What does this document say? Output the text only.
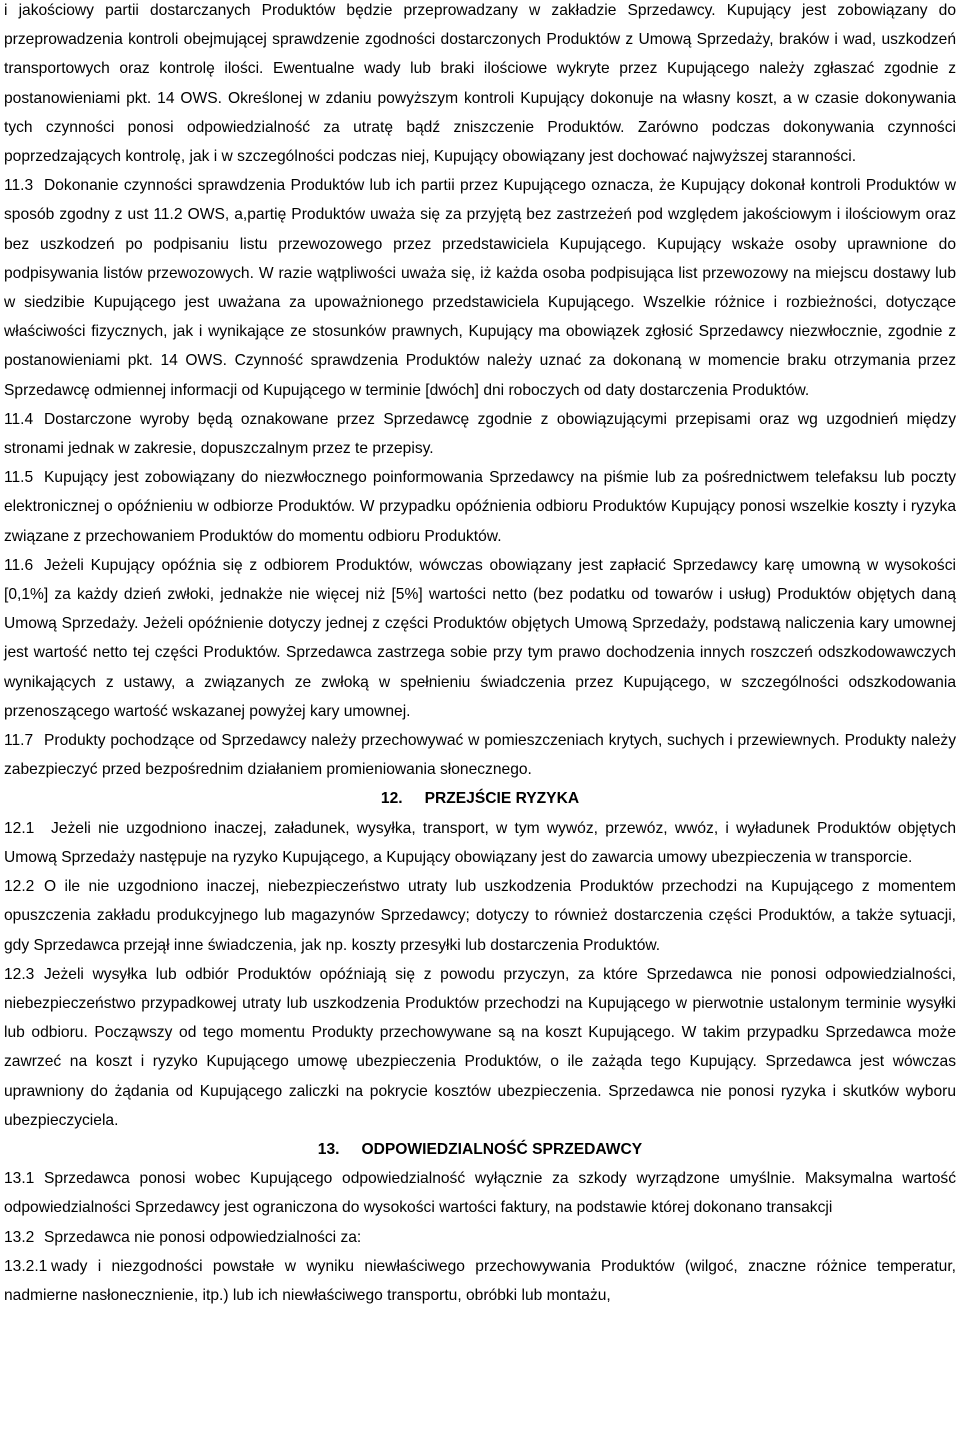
i jakościowy partii dostarczanych Produktów będzie przeprowadzany w zakładzie Sprzedawcy. Kupujący jest zobowiązany do przeprowadzenia kontroli obejmującej sprawdzenie zgodności dostarczonych Produktów z Umową Sprzedaży, braków i wad, uszkodzeń transportowych oraz kontrolę ilości. Ewentualne wady lub braki ilościowe wykryte przez Kupującego należy zgłaszać zgodnie z postanowieniami pkt. 14 OWS. Określonej w zdaniu powyższym kontroli Kupujący dokonuje na własny koszt, a w czasie dokonywania tych czynności ponosi odpowiedzialność za utratę bądź zniszczenie Produktów. Zarówno podczas dokonywania czynności poprzedzających kontrolę, jak i w szczególności podczas niej, Kupujący obowiązany jest dochować najwyższej staranności.

11.3 Dokonanie czynności sprawdzenia Produktów lub ich partii przez Kupującego oznacza, że Kupujący dokonał kontroli Produktów w sposób zgodny z ust 11.2 OWS, a,partię Produktów uważa się za przyjętą bez zastrzeżeń pod względem jakościowym i ilościowym oraz bez uszkodzeń po podpisaniu listu przewozowego przez przedstawiciela Kupującego. Kupujący wskaże osoby uprawnione do podpisywania listów przewozowych. W razie wątpliwości uważa się, iż każda osoba podpisująca list przewozowy na miejscu dostawy lub w siedzibie Kupującego jest uważana za upoważnionego przedstawiciela Kupującego. Wszelkie różnice i rozbieżności, dotyczące właściwości fizycznych, jak i wynikające ze stosunków prawnych, Kupujący ma obowiązek zgłosić Sprzedawcy niezwłocznie, zgodnie z postanowieniami pkt. 14 OWS. Czynność sprawdzenia Produktów należy uznać za dokonaną w momencie braku otrzymania przez Sprzedawcę odmiennej informacji od Kupującego w terminie [dwóch] dni roboczych od daty dostarczenia Produktów.

11.4 Dostarczone wyroby będą oznakowane przez Sprzedawcę zgodnie z obowiązującymi przepisami oraz wg uzgodnień między stronami jednak w zakresie, dopuszczalnym przez te przepisy.

11.5 Kupujący jest zobowiązany do niezwłocznego poinformowania Sprzedawcy na piśmie lub za pośrednictwem telefaksu lub poczty elektronicznej o opóźnieniu w odbiorze Produktów. W przypadku opóźnienia odbioru Produktów Kupujący ponosi wszelkie koszty i ryzyka związane z przechowaniem Produktów do momentu odbioru Produktów.

11.6 Jeżeli Kupujący opóźnia się z odbiorem Produktów, wówczas obowiązany jest zapłacić Sprzedawcy karę umowną w wysokości [0,1%] za każdy dzień zwłoki, jednakże nie więcej niż [5%] wartości netto (bez podatku od towarów i usług) Produktów objętych daną Umową Sprzedaży. Jeżeli opóźnienie dotyczy jednej z części Produktów objętych Umową Sprzedaży, podstawą naliczenia kary umownej jest wartość netto tej części Produktów. Sprzedawca zastrzega sobie przy tym prawo dochodzenia innych roszczeń odszkodowawczych wynikających z ustawy, a związanych ze zwłoką w spełnieniu świadczenia przez Kupującego, w szczególności odszkodowania przenoszącego wartość wskazanej powyżej kary umownej.

11.7 Produkty pochodzące od Sprzedawcy należy przechowywać w pomieszczeniach krytych, suchych i przewiewnych. Produkty należy zabezpieczyć przed bezpośrednim działaniem promieniowania słonecznego.

12. PRZEJŚCIE RYZYKA

12.1 Jeżeli nie uzgodniono inaczej, załadunek, wysyłka, transport, w tym wywóz, przewóz, wwóz, i wyładunek Produktów objętych Umową Sprzedaży następuje na ryzyko Kupującego, a Kupujący obowiązany jest do zawarcia umowy ubezpieczenia w transporcie.

12.2 O ile nie uzgodniono inaczej, niebezpieczeństwo utraty lub uszkodzenia Produktów przechodzi na Kupującego z momentem opuszczenia zakładu produkcyjnego lub magazynów Sprzedawcy; dotyczy to również dostarczenia części Produktów, a także sytuacji, gdy Sprzedawca przejął inne świadczenia, jak np. koszty przesyłki lub dostarczenia Produktów.

12.3 Jeżeli wysyłka lub odbiór Produktów opóźniają się z powodu przyczyn, za które Sprzedawca nie ponosi odpowiedzialności, niebezpieczeństwo przypadkowej utraty lub uszkodzenia Produktów przechodzi na Kupującego w pierwotnie ustalonym terminie wysyłki lub odbioru. Począwszy od tego momentu Produkty przechowywane są na koszt Kupującego. W takim przypadku Sprzedawca może zawrzeć na koszt i ryzyko Kupującego umowę ubezpieczenia Produktów, o ile zażąda tego Kupujący. Sprzedawca jest wówczas uprawniony do żądania od Kupującego zaliczki na pokrycie kosztów ubezpieczenia. Sprzedawca nie ponosi ryzyka i skutków wyboru ubezpieczyciela.

13. ODPOWIEDZIALNOŚĆ SPRZEDAWCY

13.1 Sprzedawca ponosi wobec Kupującego odpowiedzialność wyłącznie za szkody wyrządzone umyślnie. Maksymalna wartość odpowiedzialności Sprzedawcy jest ograniczona do wysokości wartości faktury, na podstawie której dokonano transakcji

13.2 Sprzedawca nie ponosi odpowiedzialności za:

13.2.1 wady i niezgodności powstałe w wyniku niewłaściwego przechowywania Produktów (wilgoć, znaczne różnice temperatur, nadmierne nasłonecznienie, itp.) lub ich niewłaściwego transportu, obróbki lub montażu,
